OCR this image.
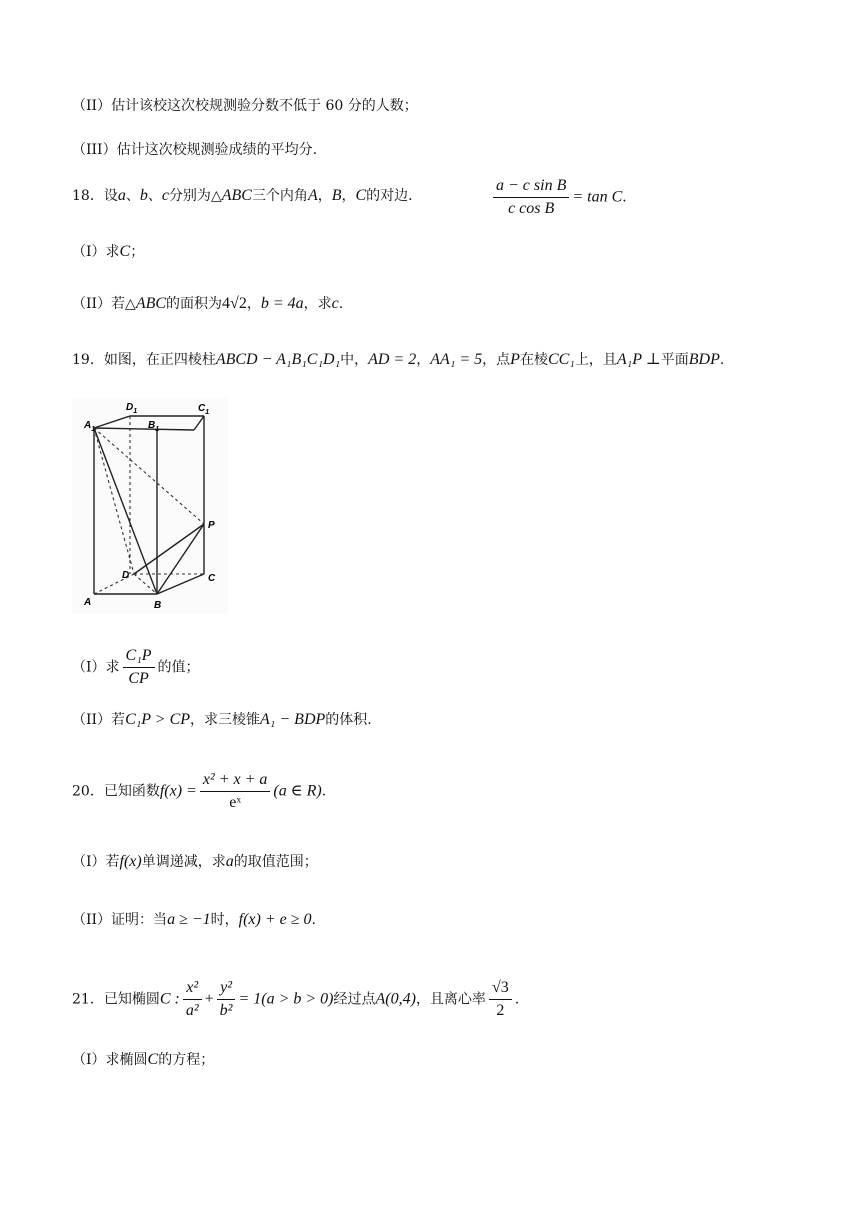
（II）估计该校这次校规测验分数不低于 60 分的人数；
（III）估计这次校规测验成绩的平均分.
18．设a、b、c分别为△ABC三个内角A，B，C的对边．	$\frac{\text{a − c sin B}}{\text{c cos B}} = \tan C$．
（Ⅰ）求C；
（II）若△ABC的面积为4√2，b = 4a，求c.
19．如图，在正四棱柱ABCD − A₁B₁C₁D₁中，AD = 2，AA₁ = 5，点P在棱CC₁上，且A₁P ⊥平面BDP.
$A_1$
$D_1$
$B_1$
$C_1$
P
D	C
A	B
（Ⅰ）求 $\frac{\text{C₁P}}{CP}$ 的值；
（II）若C₁P > CP，求三棱锥A₁ − BDP的体积.
20．已知函数$f(x) = \frac{\text{x² + x + a}}{\text{eˣ}} (a$ ∈ R).
（Ⅰ）若f(x)单调递减，求a的取值范围；
（II）证明：当a ≥ −1时，f(x) + e ≥ 0.
21．已知椭圆C : $\frac{\text{x²}}{\text{a²}} + \frac{\text{y²}}{\text{b²}} = 1(a > b > 0)$经过点A(0,4)，且离心率 $\frac{√3}{2}$ .
（Ⅰ）求椭圆C的方程；
